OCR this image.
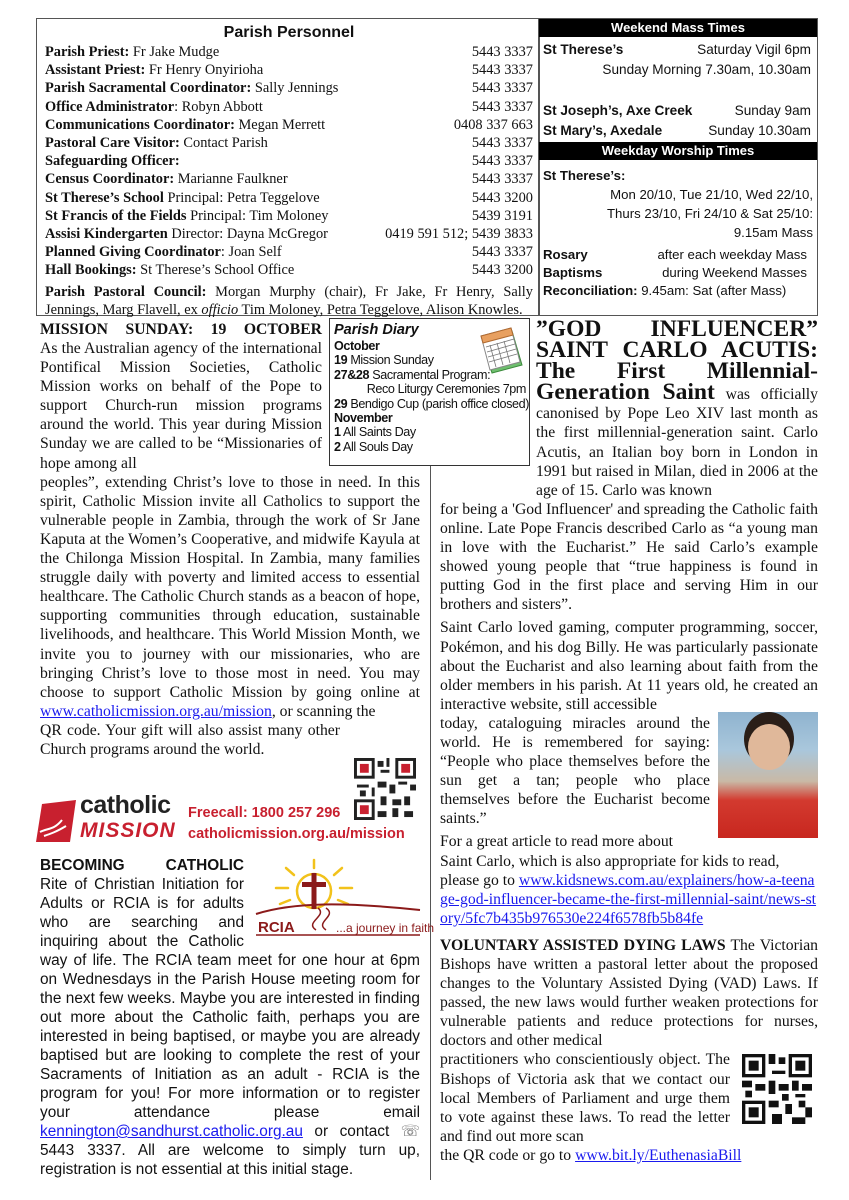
Parish Personnel
Parish Priest: Fr Jake Mudge	5443 3337
Assistant Priest: Fr Henry Onyirioha	5443 3337
Parish Sacramental Coordinator: Sally Jennings	5443 3337
Office Administrator: Robyn Abbott	5443 3337
Communications Coordinator: Megan Merrett	0408 337 663
Pastoral Care Visitor: Contact Parish	5443 3337
Safeguarding Officer:	5443 3337
Census Coordinator: Marianne Faulkner	5443 3337
St Therese’s School Principal: Petra Teggelove	5443 3200
St Francis of the Fields Principal: Tim Moloney	5439 3191
Assisi Kindergarten Director: Dayna McGregor	0419 591 512; 5439 3833
Planned Giving Coordinator: Joan Self	5443 3337
Hall Bookings: St Therese’s School Office	5443 3200
Parish Pastoral Council: Morgan Murphy (chair), Fr Jake, Fr Henry, Sally Jennings, Marg Flavell, ex officio Tim Moloney, Petra Teggelove, Alison Knowles.
Weekend Mass Times
St Therese’s	Saturday Vigil 6pm
Sunday Morning 7.30am, 10.30am
St Joseph’s, Axe Creek	Sunday 9am
St Mary’s, Axedale	Sunday 10.30am
Weekday Worship Times
St Therese’s:
Mon 20/10, Tue 21/10, Wed 22/10,
Thurs 23/10, Fri 24/10 & Sat 25/10:
9.15am Mass
Rosary	after each weekday Mass
Baptisms	during Weekend Masses
Reconciliation: 9.45am: Sat (after Mass)
MISSION SUNDAY: 19 OCTOBER

As the Australian agency of the international Pontifical Mission Societies, Catholic Mission works on behalf of the Pope to support Church-run mission programs around the world. This year during Mission Sunday we are called to be “Missionaries of hope among all

peoples”, extending Christ’s love to those in need. In this spirit, Catholic Mission invite all Catholics to support the vulnerable people in Zambia, through the work of Sr Jane Kaputa at the Women’s Cooperative, and midwife Kayula at the Chilonga Mission Hospital. In Zambia, many families struggle daily with poverty and limited access to essential healthcare. The Catholic Church stands as a beacon of hope, supporting communities through education, sustainable livelihoods, and healthcare. This World Mission Month, we invite you to journey with our missionaries, who are bringing Christ’s love to those most in need. You may choose to support Catholic Mission by going online at www.catholicmission.org.au/mission, or scanning the

QR code. Your gift will also assist many other Church programs around the world.

catholic
MISSION
Freecall: 1800 257 296
catholicmission.org.au/mission
Parish Diary
October
19 Mission Sunday
27&28 Sacramental Program:
Reco Liturgy Ceremonies 7pm
29 Bendigo Cup (parish office closed)
November
1 All Saints Day
2 All Souls Day
”GOD INFLUENCER” SAINT CARLO ACUTIS: The First Millennial-Generation Saint was officially canonised by Pope Leo XIV last month as the first millennial-generation saint. Carlo Acutis, an Italian boy born in London in 1991 but raised in Milan, died in 2006 at the age of 15. Carlo was known

for being a 'God Influencer' and spreading the Catholic faith online. Late Pope Francis described Carlo as “a young man in love with the Eucharist.” He said Carlo’s example showed young people that “true happiness is found in putting God in the first place and serving Him in our brothers and sisters”.

Saint Carlo loved gaming, computer programming, soccer, Pokémon, and his dog Billy. He was particularly passionate about the Eucharist and also learning about faith from the older members in his parish. At 11 years old, he created an interactive website, still accessible

today, cataloguing miracles around the world. He is remembered for saying: “People who place themselves before the sun get a tan; people who place themselves before the Eucharist become saints.”

For a great article to read more about

Saint Carlo, which is also appropriate for kids to read, please go to www.kidsnews.com.au/explainers/how-a-teenage-god-influencer-became-the-first-millennial-saint/news-story/5fc7b435b976530e224f6578fb5b84fe

VOLUNTARY ASSISTED DYING LAWS The Victorian Bishops have written a pastoral letter about the proposed changes to the Voluntary Assisted Dying (VAD) Laws. If passed, the new laws would further weaken protections for vulnerable patients and reduce protections for nurses, doctors and other medical

practitioners who conscientiously object. The Bishops of Victoria ask that we contact our local Members of Parliament and urge them to vote against these laws. To read the letter and find out more scan

the QR code or go to www.bit.ly/EuthenasiaBill

BECOMING CATHOLIC

Rite of Christian Initiation for Adults or RCIA is for adults who are searching and inquiring about the Catholic

RCIA	...a journey in faith

way of life. The RCIA team meet for one hour at 6pm on Wednesdays in the Parish House meeting room for the next few weeks. Maybe you are interested in finding out more about the Catholic faith, perhaps you are interested in being baptised, or maybe you are already baptised but are looking to complete the rest of your Sacraments of Initiation as an adult - RCIA is the program for you! For more information or to register your attendance please email kennington@sandhurst.catholic.org.au or contact ☏ 5443 3337. All are welcome to simply turn up, registration is not essential at this initial stage.
